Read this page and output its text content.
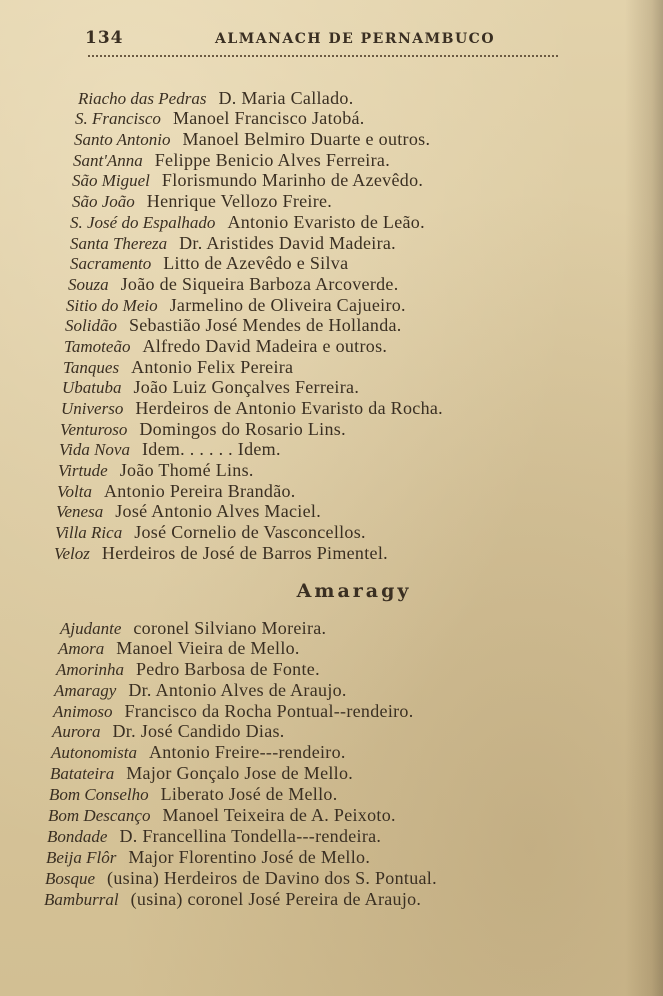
134	ALMANACH DE PERNAMBUCO
Riacho das Pedras D. Maria Callado.
S. Francisco Manoel Francisco Jatobá.
Santo Antonio Manoel Belmiro Duarte e outros.
Sant'Anna Felippe Benicio Alves Ferreira.
São Miguel Florismundo Marinho de Azevêdo.
São João Henrique Vellozo Freire.
S. José do Espalhado Antonio Evaristo de Leão.
Santa Thereza Dr. Aristides David Madeira.
Sacramento Litto de Azevêdo e Silva
Souza João de Siqueira Barboza Arcoverde.
Sitio do Meio Jarmelino de Oliveira Cajueiro.
Solidão Sebastião José Mendes de Hollanda.
Tamoteão Alfredo David Madeira e outros.
Tanques Antonio Felix Pereira
Ubatuba João Luiz Gonçalves Ferreira.
Universo Herdeiros de Antonio Evaristo da Rocha.
Venturoso Domingos do Rosario Lins.
Vida Nova Idem. . . . . . Idem.
Virtude João Thomé Lins.
Volta Antonio Pereira Brandão.
Venesa José Antonio Alves Maciel.
Villa Rica José Cornelio de Vasconcellos.
Veloz Herdeiros de José de Barros Pimentel.
Amaragy
Ajudante coronel Silviano Moreira.
Amora Manoel Vieira de Mello.
Amorinha Pedro Barbosa de Fonte.
Amaragy Dr. Antonio Alves de Araujo.
Animoso Francisco da Rocha Pontual--rendeiro.
Aurora Dr. José Candido Dias.
Autonomista Antonio Freire---rendeiro.
Batateira Major Gonçalo Jose de Mello.
Bom Conselho Liberato José de Mello.
Bom Descanço Manoel Teixeira de A. Peixoto.
Bondade D. Francellina Tondella---rendeira.
Beija Flôr Major Florentino José de Mello.
Bosque (usina) Herdeiros de Davino dos S. Pontual.
Bamburral (usina) coronel José Pereira de Araujo.
